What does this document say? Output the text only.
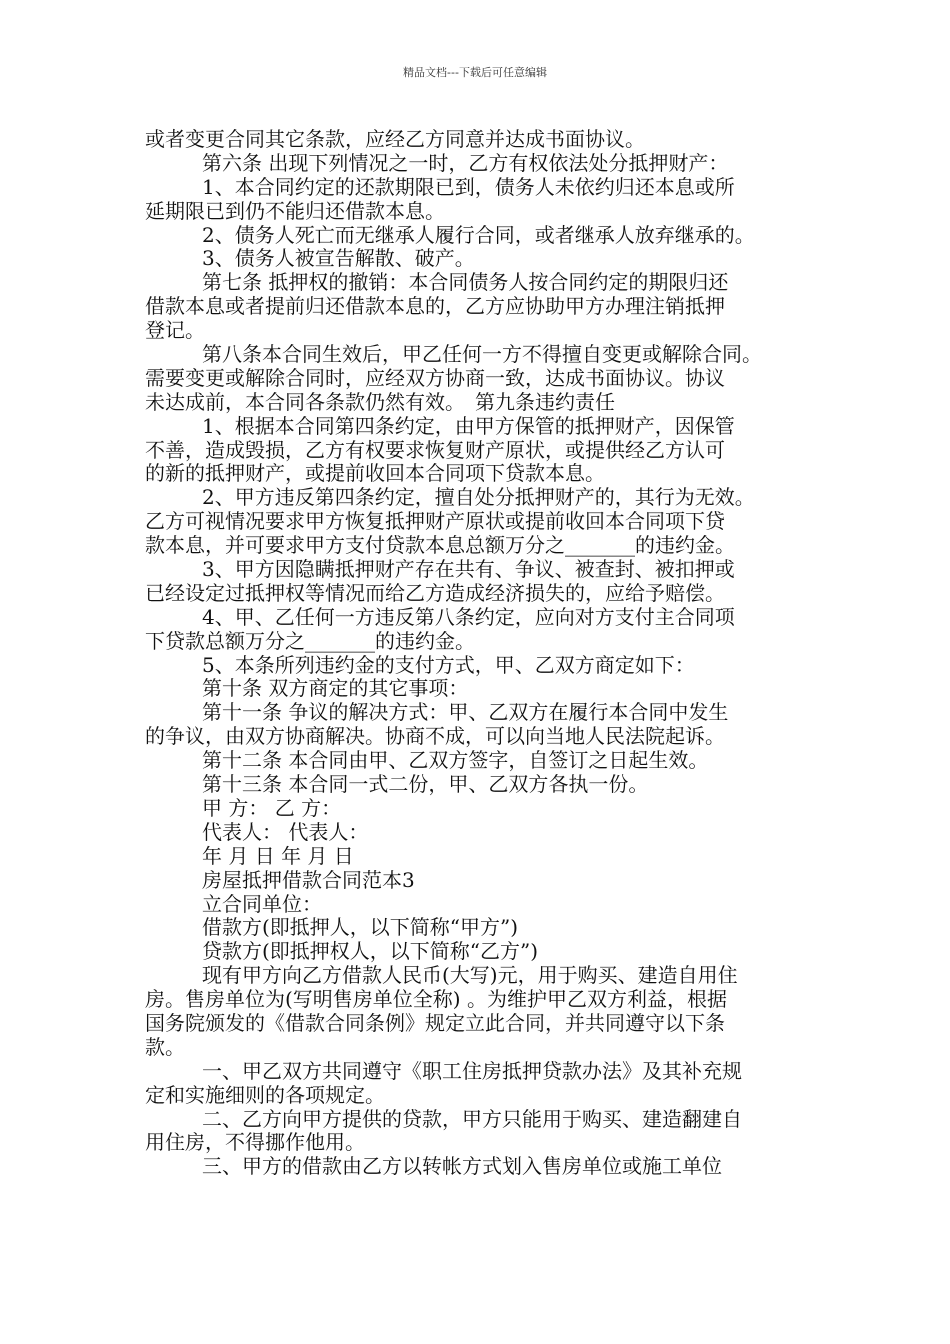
精品文档---下载后可任意编辑
或者变更合同其它条款，应经乙方同意并达成书面协议。
第六条 出现下列情况之一时，乙方有权依法处分抵押财产：
1、本合同约定的还款期限已到，债务人未依约归还本息或所
延期限已到仍不能归还借款本息。
2、债务人死亡而无继承人履行合同，或者继承人放弃继承的。
3、债务人被宣告解散、破产。
第七条 抵押权的撤销：本合同债务人按合同约定的期限归还
借款本息或者提前归还借款本息的，乙方应协助甲方办理注销抵押
登记。
第八条本合同生效后，甲乙任何一方不得擅自变更或解除合同。
需要变更或解除合同时，应经双方协商一致，达成书面协议。协议
未达成前，本合同各条款仍然有效。　第九条违约责任
1、根据本合同第四条约定，由甲方保管的抵押财产，因保管
不善，造成毁损，乙方有权要求恢复财产原状，或提供经乙方认可
的新的抵押财产，或提前收回本合同项下贷款本息。
2、甲方违反第四条约定，擅自处分抵押财产的，其行为无效。
乙方可视情况要求甲方恢复抵押财产原状或提前收回本合同项下贷
款本息，并可要求甲方支付贷款本息总额万分之_______的违约金。
3、甲方因隐瞒抵押财产存在共有、争议、被查封、被扣押或
已经设定过抵押权等情况而给乙方造成经济损失的，应给予赔偿。
4、甲、乙任何一方违反第八条约定，应向对方支付主合同项
下贷款总额万分之_______的违约金。
5、本条所列违约金的支付方式，甲、乙双方商定如下：
第十条 双方商定的其它事项：
第十一条 争议的解决方式：甲、乙双方在履行本合同中发生
的争议，由双方协商解决。协商不成，可以向当地人民法院起诉。
第十二条 本合同由甲、乙双方签字，自签订之日起生效。
第十三条 本合同一式二份，甲、乙双方各执一份。
甲 方： 乙 方：
代表人： 代表人：
年 月 日 年 月 日
房屋抵押借款合同范本3
立合同单位：
借款方(即抵押人，以下简称“甲方”)
贷款方(即抵押权人，以下简称“乙方”)
现有甲方向乙方借款人民币(大写)元，用于购买、建造自用住
房。售房单位为(写明售房单位全称) 。为维护甲乙双方利益，根据
国务院颁发的《借款合同条例》规定立此合同，并共同遵守以下条
款。
一、甲乙双方共同遵守《职工住房抵押贷款办法》及其补充规
定和实施细则的各项规定。
二、乙方向甲方提供的贷款，甲方只能用于购买、建造翻建自
用住房，不得挪作他用。
三、甲方的借款由乙方以转帐方式划入售房单位或施工单位
